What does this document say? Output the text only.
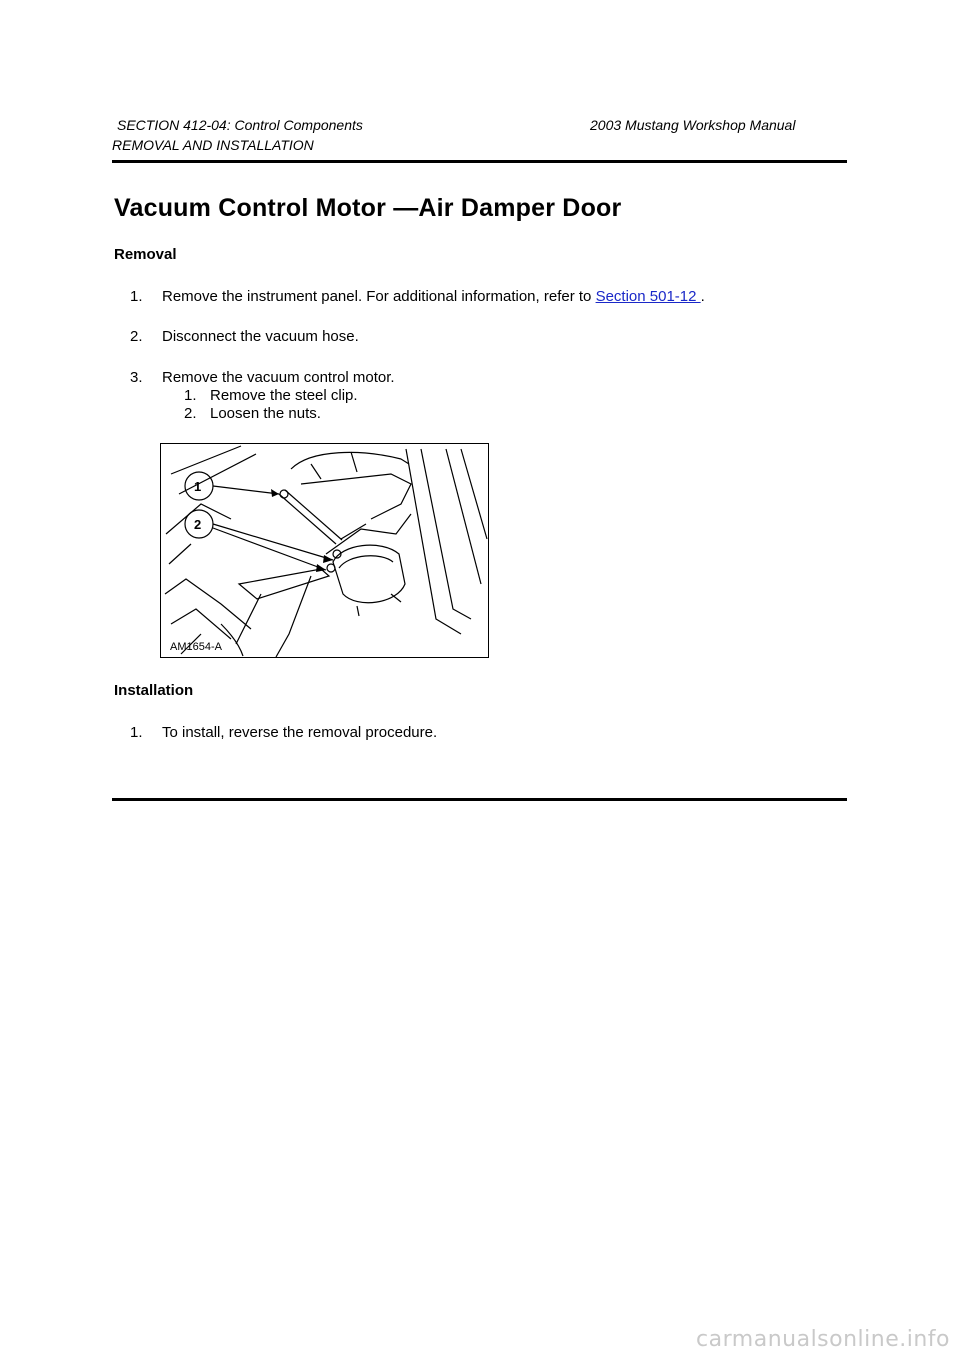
SECTION 412-04: Control Components	2003 Mustang Workshop Manual
REMOVAL AND INSTALLATION
Vacuum Control Motor —Air Damper Door
Removal
1. Remove the instrument panel. For additional information, refer to Section 501-12 .
2. Disconnect the vacuum hose.
3. Remove the vacuum control motor.
1. Remove the steel clip.
2. Loosen the nuts.
1
2
AM1654-A
Installation
1. To install, reverse the removal procedure.
carmanualsonline.info
